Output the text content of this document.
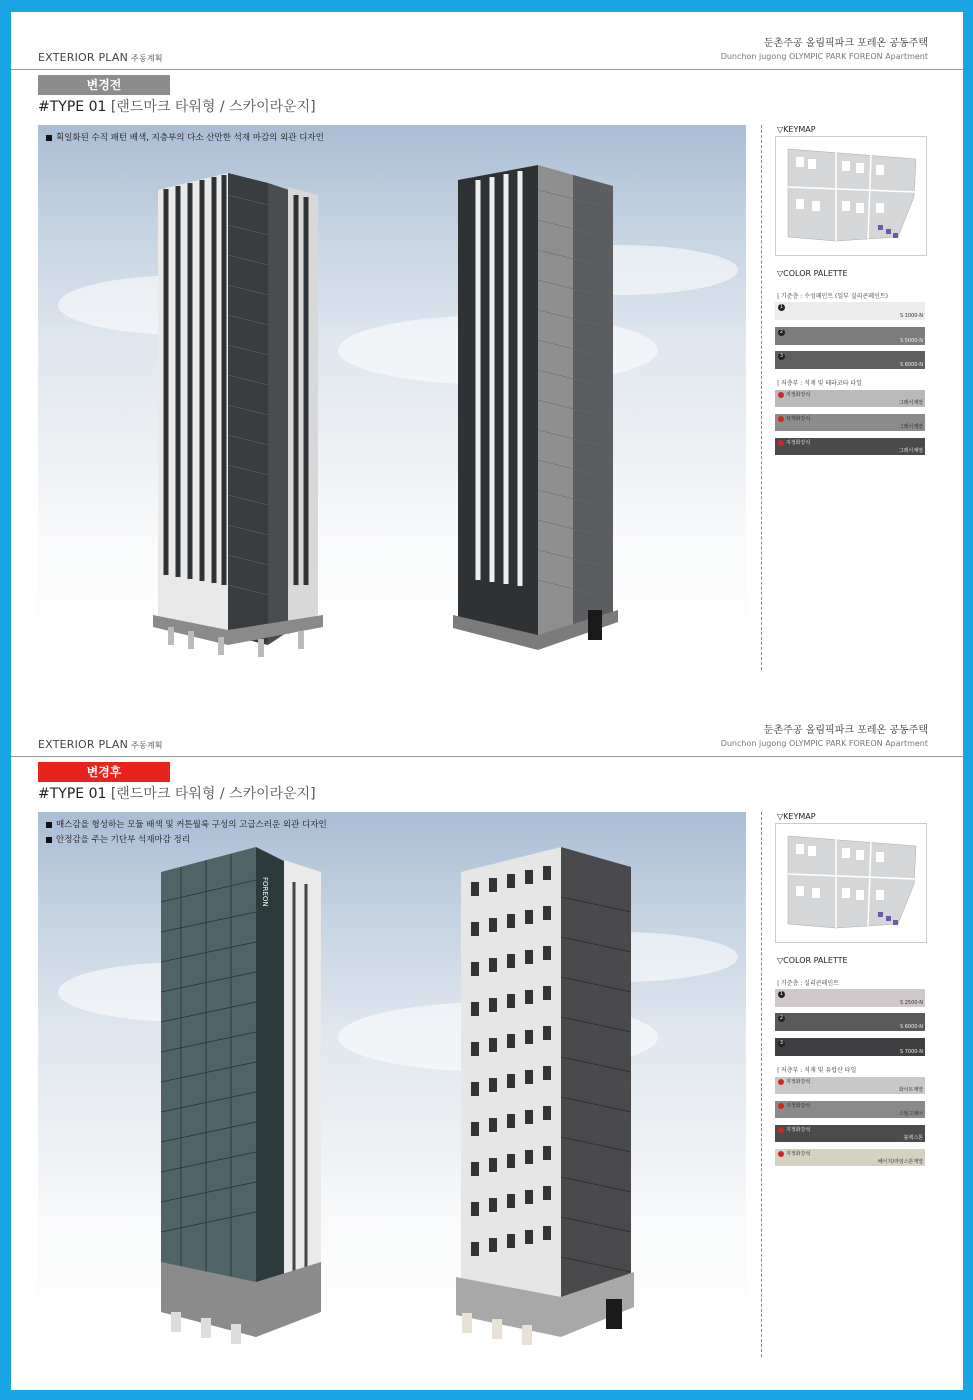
EXTERIOR PLAN 주동계획
둔촌주공 올림픽파크 포레온 공동주택
Dunchon jugong OLYMPIC PARK FOREON Apartment
변경전
#TYPE 01 [랜드마크 타워형 / 스카이라운지]
획일화된 수직 패턴 배색, 지층부의 다소 산만한 석재 마감의 외관 디자인
▽KEYMAP
▽COLOR PALETTE
| 기준층 : 수성페인트 (일부 실리콘페인트)
1
S 1000-N
2
S 5000-N
3
S 6000-N
| 저층부 : 석재 및 테라코타 타일
지정화강석
그레이계열
석재화강석
그레이계열
지정화강석
그레이계열
EXTERIOR PLAN 주동계획
둔촌주공 올림픽파크 포레온 공동주택
Dunchon jugong OLYMPIC PARK FOREON Apartment
변경후
#TYPE 01 [랜드마크 타워형 / 스카이라운지]
매스감을 형성하는 모듈 배색 및 커튼월룩 구성의 고급스러운 외관 디자인
안정감을 주는 기단부 석재마감 정리
FOREON
▽KEYMAP
▽COLOR PALETTE
| 기준층 : 실리콘페인트
1
S 2500-N
2
S 6000-N
3
S 7000-N
| 저층부 : 석재 및 유럽산 타일
지정화강석
화이트계열
지정화강석
스틸그레이
지정화강석
블랙스톤
지정화강석
베이지/라임스톤계열
